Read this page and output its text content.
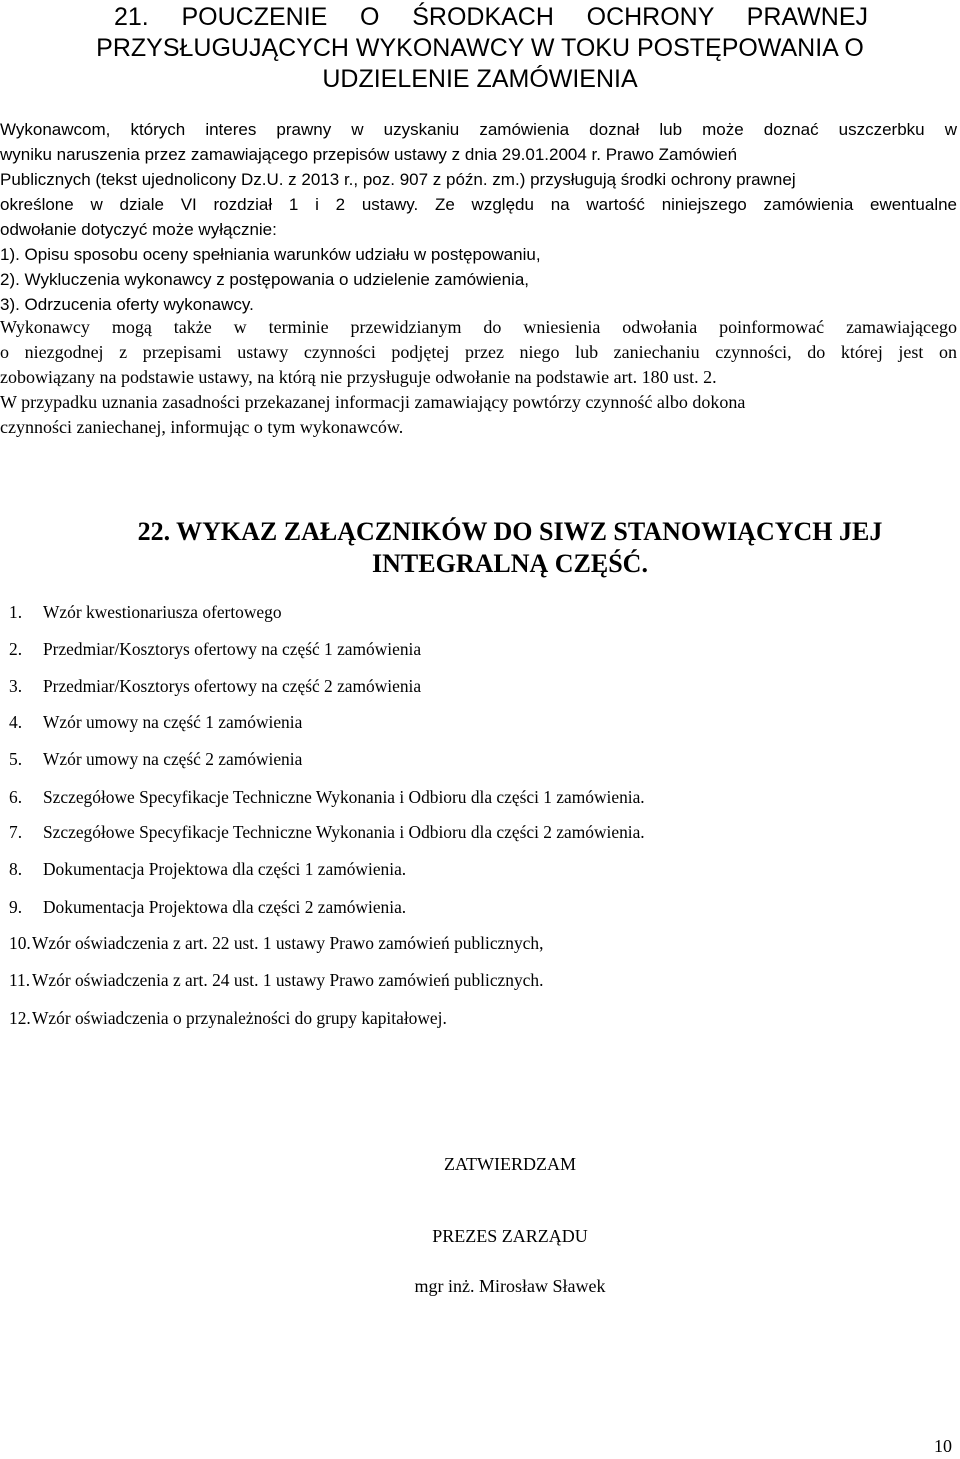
21. POUCZENIE O ŚRODKACH OCHRONY PRAWNEJ
PRZYSŁUGUJĄCYCH WYKONAWCY W TOKU POSTĘPOWANIA O
UDZIELENIE ZAMÓWIENIA
Wykonawcom, których interes prawny w uzyskaniu zamówienia doznał lub może doznać uszczerbku w
wyniku naruszenia przez zamawiającego przepisów ustawy z dnia 29.01.2004 r. Prawo Zamówień
Publicznych (tekst ujednolicony Dz.U. z 2013 r., poz. 907 z późn. zm.) przysługują środki ochrony prawnej
określone w dziale VI rozdział 1 i 2 ustawy. Ze względu na wartość niniejszego zamówienia ewentualne
odwołanie dotyczyć może wyłącznie:
1). Opisu sposobu oceny spełniania warunków udziału w postępowaniu,
2). Wykluczenia wykonawcy z postępowania o udzielenie zamówienia,
3). Odrzucenia oferty wykonawcy.
Wykonawcy mogą także w terminie przewidzianym do wniesienia odwołania poinformować zamawiającego
o niezgodnej z przepisami ustawy czynności podjętej przez niego lub zaniechaniu czynności, do której jest on
zobowiązany na podstawie ustawy, na którą nie przysługuje odwołanie na podstawie art. 180 ust. 2.
W przypadku uznania zasadności przekazanej informacji zamawiający powtórzy czynność albo dokona
czynności zaniechanej, informując o tym wykonawców.
22. WYKAZ ZAŁĄCZNIKÓW DO SIWZ STANOWIĄCYCH JEJ
INTEGRALNĄ CZĘŚĆ.
1. Wzór kwestionariusza ofertowego
2. Przedmiar/Kosztorys ofertowy na część 1 zamówienia
3. Przedmiar/Kosztorys ofertowy na część 2 zamówienia
4. Wzór umowy na część 1 zamówienia
5. Wzór umowy na część 2 zamówienia
6. Szczegółowe Specyfikacje Techniczne Wykonania i Odbioru dla części 1 zamówienia.
7. Szczegółowe Specyfikacje Techniczne Wykonania i Odbioru dla części 2 zamówienia.
8. Dokumentacja Projektowa dla części 1 zamówienia.
9. Dokumentacja Projektowa dla części 2 zamówienia.
10.Wzór oświadczenia z art. 22 ust. 1 ustawy Prawo zamówień publicznych,
11. Wzór oświadczenia z art. 24 ust. 1 ustawy Prawo zamówień publicznych.
12.Wzór oświadczenia o przynależności do grupy kapitałowej.
ZATWIERDZAM
PREZES ZARZĄDU
mgr inż. Mirosław Sławek
10
